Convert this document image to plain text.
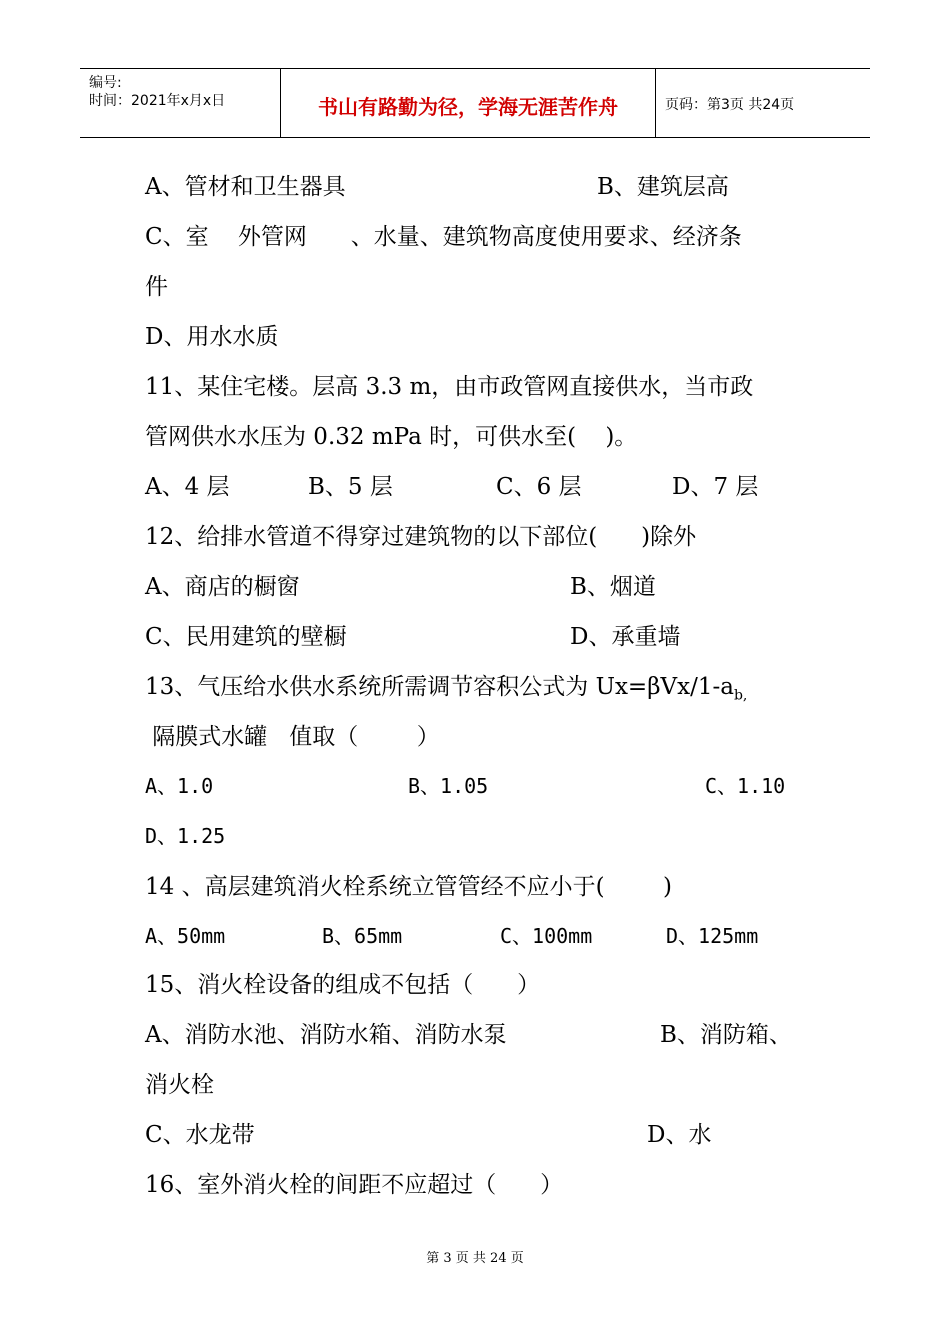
编号:
时间：2021年x月x日	书山有路勤为径，学海无涯苦作舟	页码：第3页 共24页
A、管材和卫生器具	B、建筑层高
C、室    外管网      、水量、建筑物高度使用要求、经济条
件
D、用水水质
11、某住宅楼。层高 3.3 m，由市政管网直接供水，当市政
管网供水水压为 0.32 mPa 时，可供水至(    )。
A、4 层	B、5 层	C、6 层	D、7 层
12、给排水管道不得穿过建筑物的以下部位(      )除外
A、商店的橱窗	B、烟道
C、民用建筑的壁橱	D、承重墙
13、气压给水供水系统所需调节容积公式为 $Ux=\beta Vx/1-a_{b,}$
隔膜式水罐   值取（        ）
A、1.0	B、1.05	C、1.10
D、1.25
14 、高层建筑消火栓系统立管管经不应小于(        )
A、50mm	B、65mm	C、100mm	D、125mm
15、消火栓设备的组成不包括（      ）
A、消防水池、消防水箱、消防水泵	B、消防箱、
消火栓
C、水龙带	D、水
16、室外消火栓的间距不应超过（      ）
第 3 页 共 24 页
